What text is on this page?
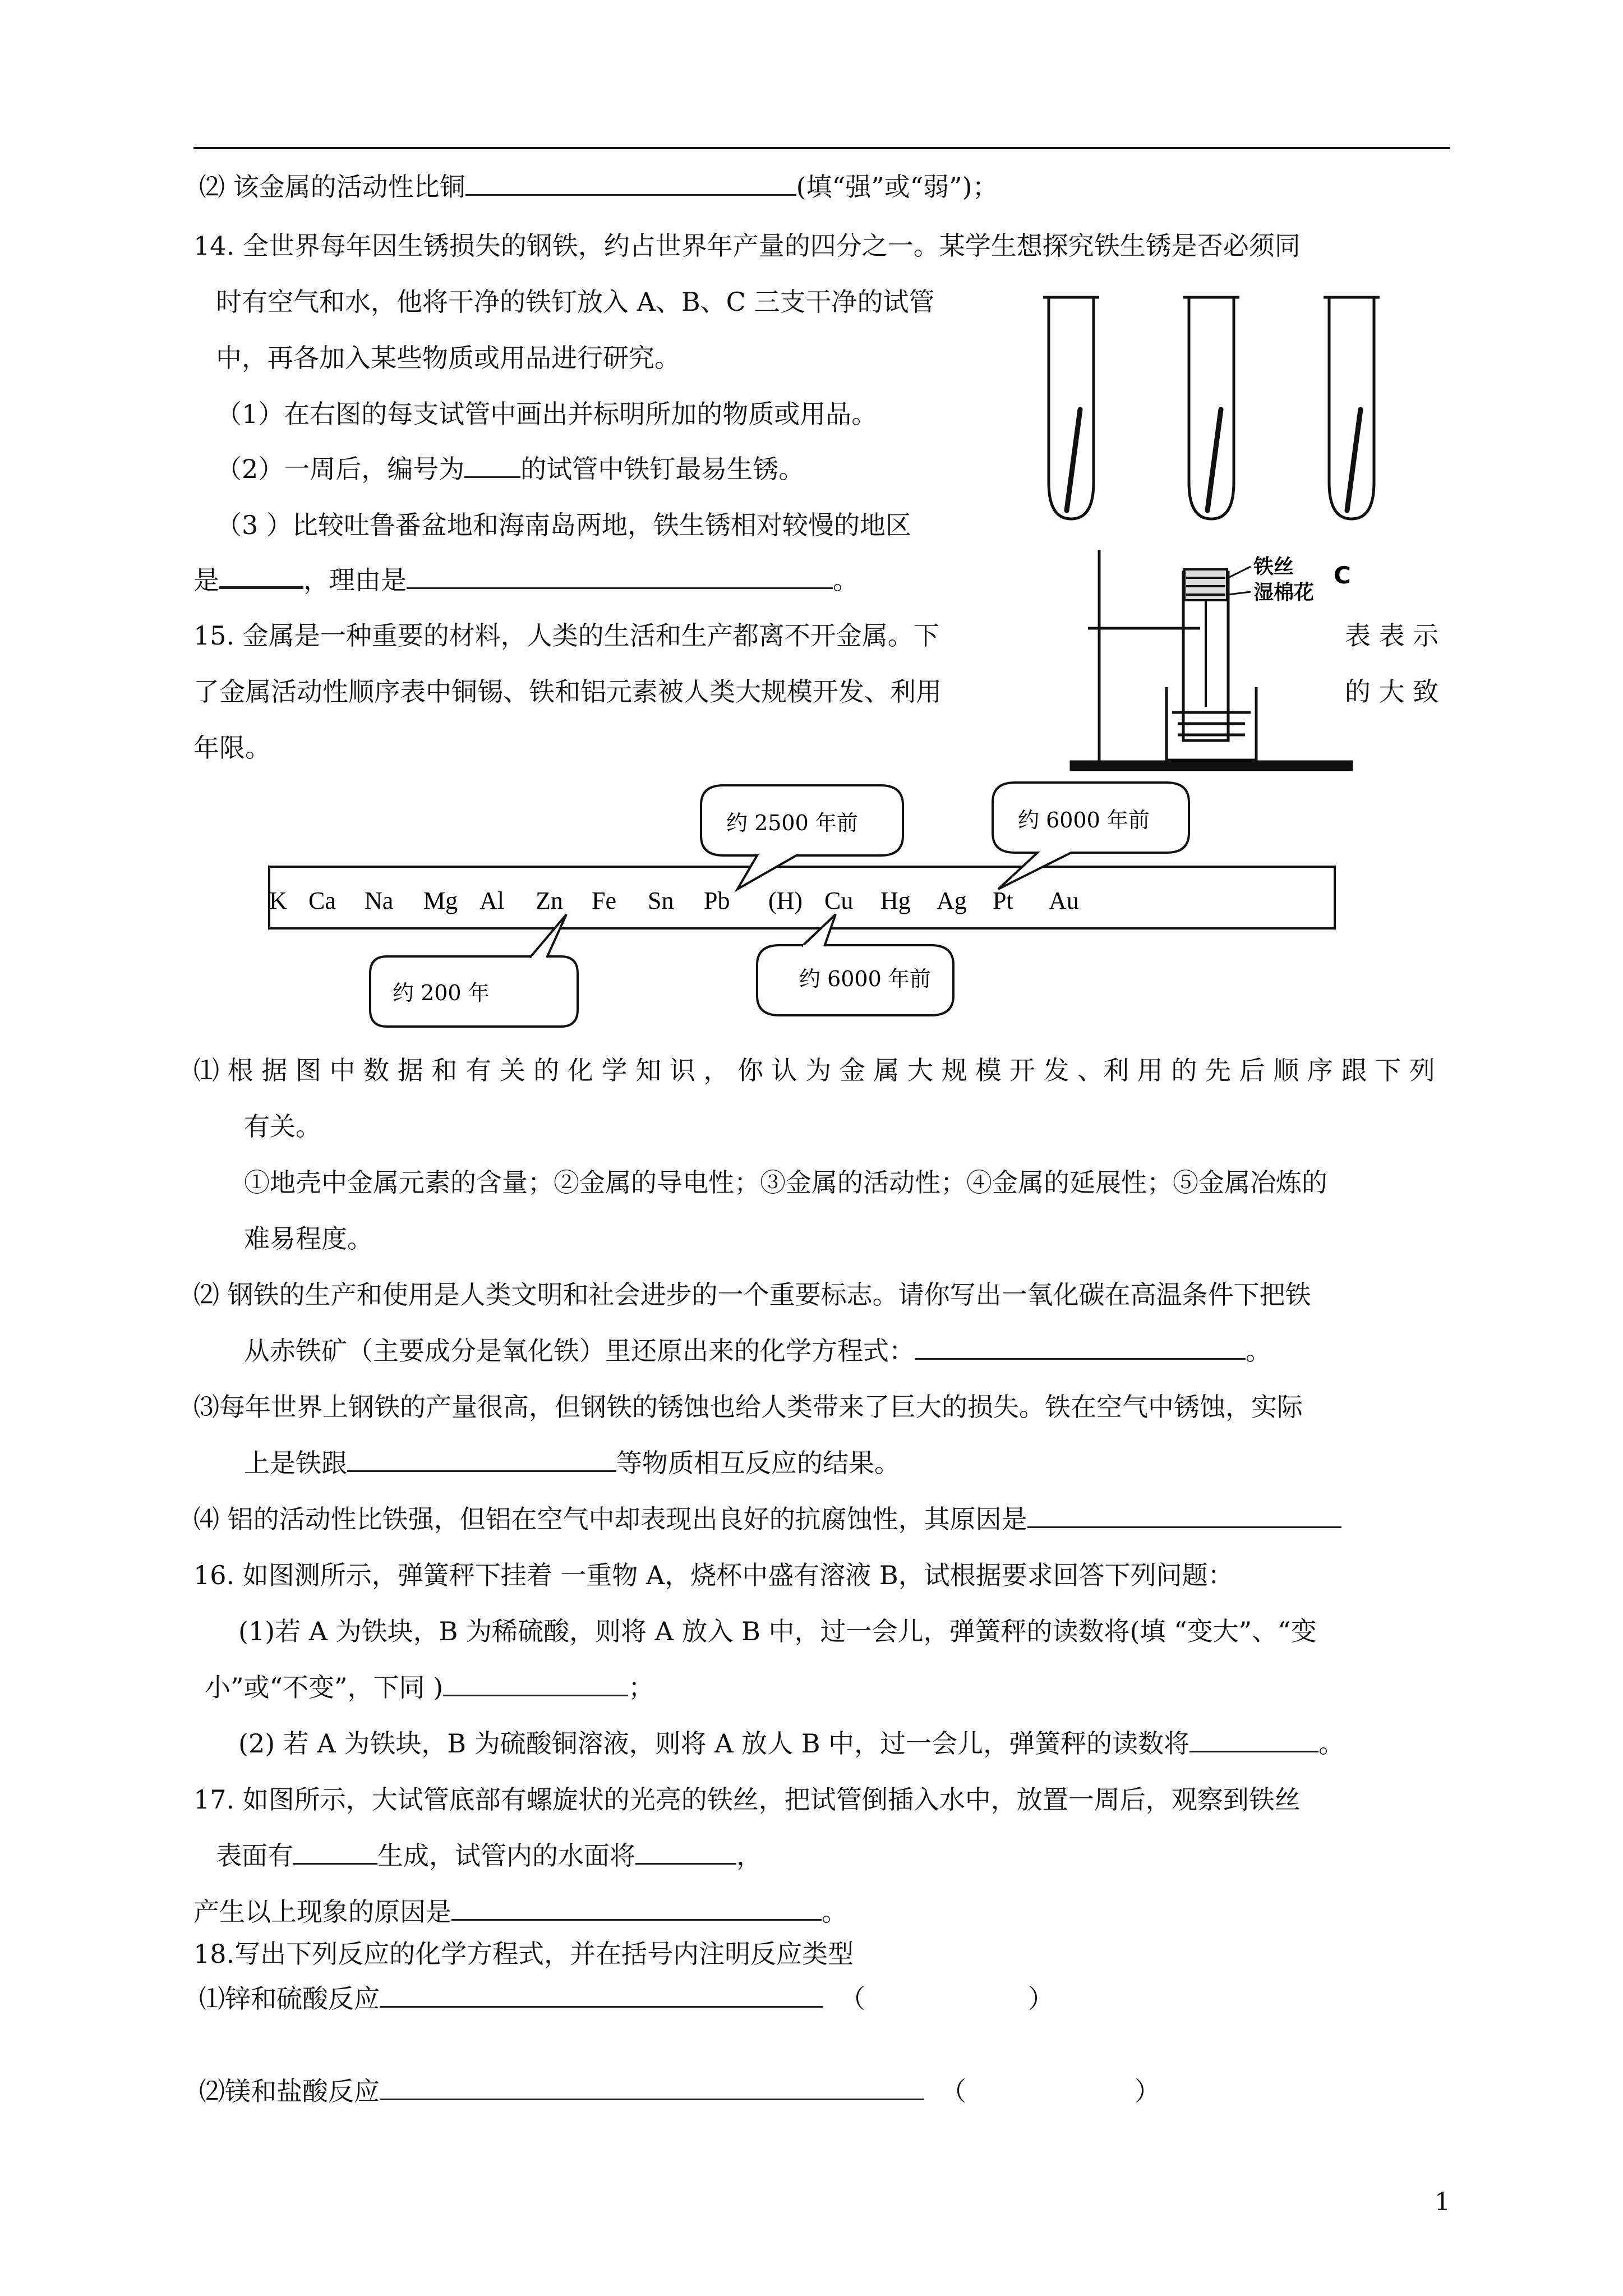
⑵ 该金属的活动性比铜	(填“强”或“弱”)；
14. 全世界每年因生锈损失的钢铁，约占世界年产量的四分之一。某学生想探究铁生锈是否必须同
时有空气和水，他将干净的铁钉放入 A、B、C 三支干净的试管
中，再各加入某些物质或用品进行研究。
（1）在右图的每支试管中画出并标明所加的物质或用品。
（2）一周后，编号为 的试管中铁钉最易生锈。
（3 ）比较吐鲁番盆地和海南岛两地，铁生锈相对较慢的地区
是	，理由是	。	铁丝
湿棉花
C
15. 金属是一种重要的材料，人类的生活和生产都离不开金属。下	表 表 示
了金属活动性顺序表中铜锡、铁和铝元素被人类大规模开发、利用	的 大 致
年限。
约 2500 年前	约 6000 年前
约 200 年
约 6000 年前
K Ca Na Mg Al Zn Fe Sn Pb (H) Cu Hg Ag Pt Au
⑴ 根 据 图 中 数 据 和 有 关 的 化 学 知 识 ， 你 认 为 金 属 大 规 模 开 发 、利 用 的 先 后 顺 序 跟 下 列
有关。
①地壳中金属元素的含量；②金属的导电性；③金属的活动性；④金属的延展性；⑤金属冶炼的
难易程度。
⑵ 钢铁的生产和使用是人类文明和社会进步的一个重要标志。请你写出一氧化碳在高温条件下把铁
从赤铁矿（主要成分是氧化铁）里还原出来的化学方程式：	。
⑶每年世界上钢铁的产量很高，但钢铁的锈蚀也给人类带来了巨大的损失。铁在空气中锈蚀，实际
上是铁跟	等物质相互反应的结果。
⑷ 铝的活动性比铁强，但铝在空气中却表现出良好的抗腐蚀性，其原因是
16. 如图测所示，弹簧秤下挂着 一重物 A，烧杯中盛有溶液 B，试根据要求回答下列问题：
(1)若 A 为铁块，B 为稀硫酸，则将 A 放入 B 中，过一会儿，弹簧秤的读数将(填 “变大”、“变
小”或“不变”，下同 )	；
(2) 若 A 为铁块，B 为硫酸铜溶液，则将 A 放人 B 中，过一会儿，弹簧秤的读数将	。
17. 如图所示，大试管底部有螺旋状的光亮的铁丝，把试管倒插入水中，放置一周后，观察到铁丝
表面有	生成，试管内的水面将	，
产生以上现象的原因是	。
18.写出下列反应的化学方程式，并在括号内注明反应类型
⑴锌和硫酸反应	（	）
⑵镁和盐酸反应	（	）
1
